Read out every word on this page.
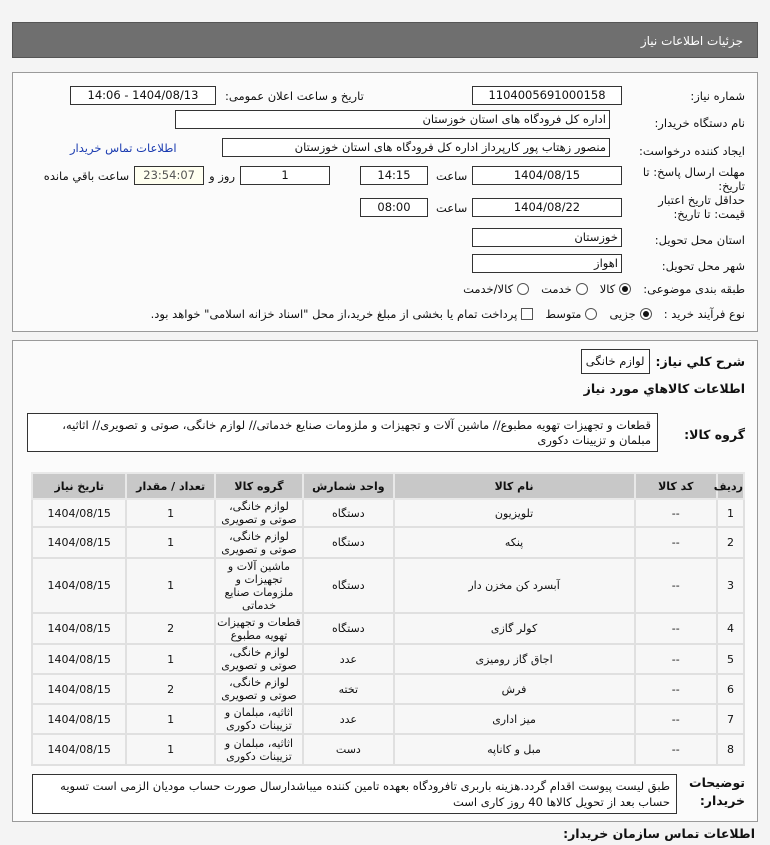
جزئیات اطلاعات نیاز
شماره نیاز:
1104005691000158
تاریخ و ساعت اعلان عمومی:
1404/08/13 - 14:06
نام دستگاه خریدار:
اداره کل فرودگاه های استان خوزستان
ایجاد کننده درخواست:
منصور زهتاب پور کارپرداز اداره کل فرودگاه های استان خوزستان
اطلاعات تماس خریدار
مهلت ارسال پاسخ: تا تاریخ:
1404/08/15
ساعت
14:15
1
روز و
23:54:07
ساعت باقي مانده
حداقل تاریخ اعتبار قیمت: تا تاریخ:
1404/08/22
ساعت
08:00
استان محل تحویل:
خوزستان
شهر محل تحویل:
اهواز
طبقه بندی موضوعی:
کالا
خدمت
کالا/خدمت
نوع فرآیند خرید :
جزیی
متوسط
پرداخت تمام یا بخشی از مبلغ خرید،از محل "اسناد خزانه اسلامی" خواهد بود.
شرح کلي نیاز:
لوازم خانگی
اطلاعات کالاهاي مورد نیاز
گروه کالا:
قطعات و تجهیزات تهویه مطبوع// ماشین آلات و تجهیزات و ملزومات صنایع خدماتی// لوازم خانگی، صوتی و تصویری// اثاثیه، مبلمان و تزیینات دکوری
ردیف	کد کالا	نام کالا	واحد شمارش	گروه کالا	تعداد / مقدار	تاریخ نیاز
1	--	تلویزیون	دستگاه	لوازم خانگی، صوتی و تصویری	1	1404/08/15
2	--	پنکه	دستگاه	لوازم خانگی، صوتی و تصویری	1	1404/08/15
3	--	آبسرد کن مخزن دار	دستگاه	ماشین آلات و تجهیزات و ملزومات صنایع خدماتی	1	1404/08/15
4	--	کولر گازی	دستگاه	قطعات و تجهیزات تهویه مطبوع	2	1404/08/15
5	--	اجاق گاز رومیزی	عدد	لوازم خانگی، صوتی و تصویری	1	1404/08/15
6	--	فرش	تخته	لوازم خانگی، صوتی و تصویری	2	1404/08/15
7	--	میز اداری	عدد	اثاثیه، مبلمان و تزیینات دکوری	1	1404/08/15
8	--	مبل و کاناپه	دست	اثاثیه، مبلمان و تزیینات دکوری	1	1404/08/15
توضیحات خریدار:
طبق لیست پیوست اقدام گردد.هزینه باربری تافرودگاه بعهده تامین کننده میباشدارسال صورت حساب مودیان الزمی است تسویه حساب بعد از تحویل کالاها 40 روز کاری است
اطلاعات تماس سازمان خریدار:
